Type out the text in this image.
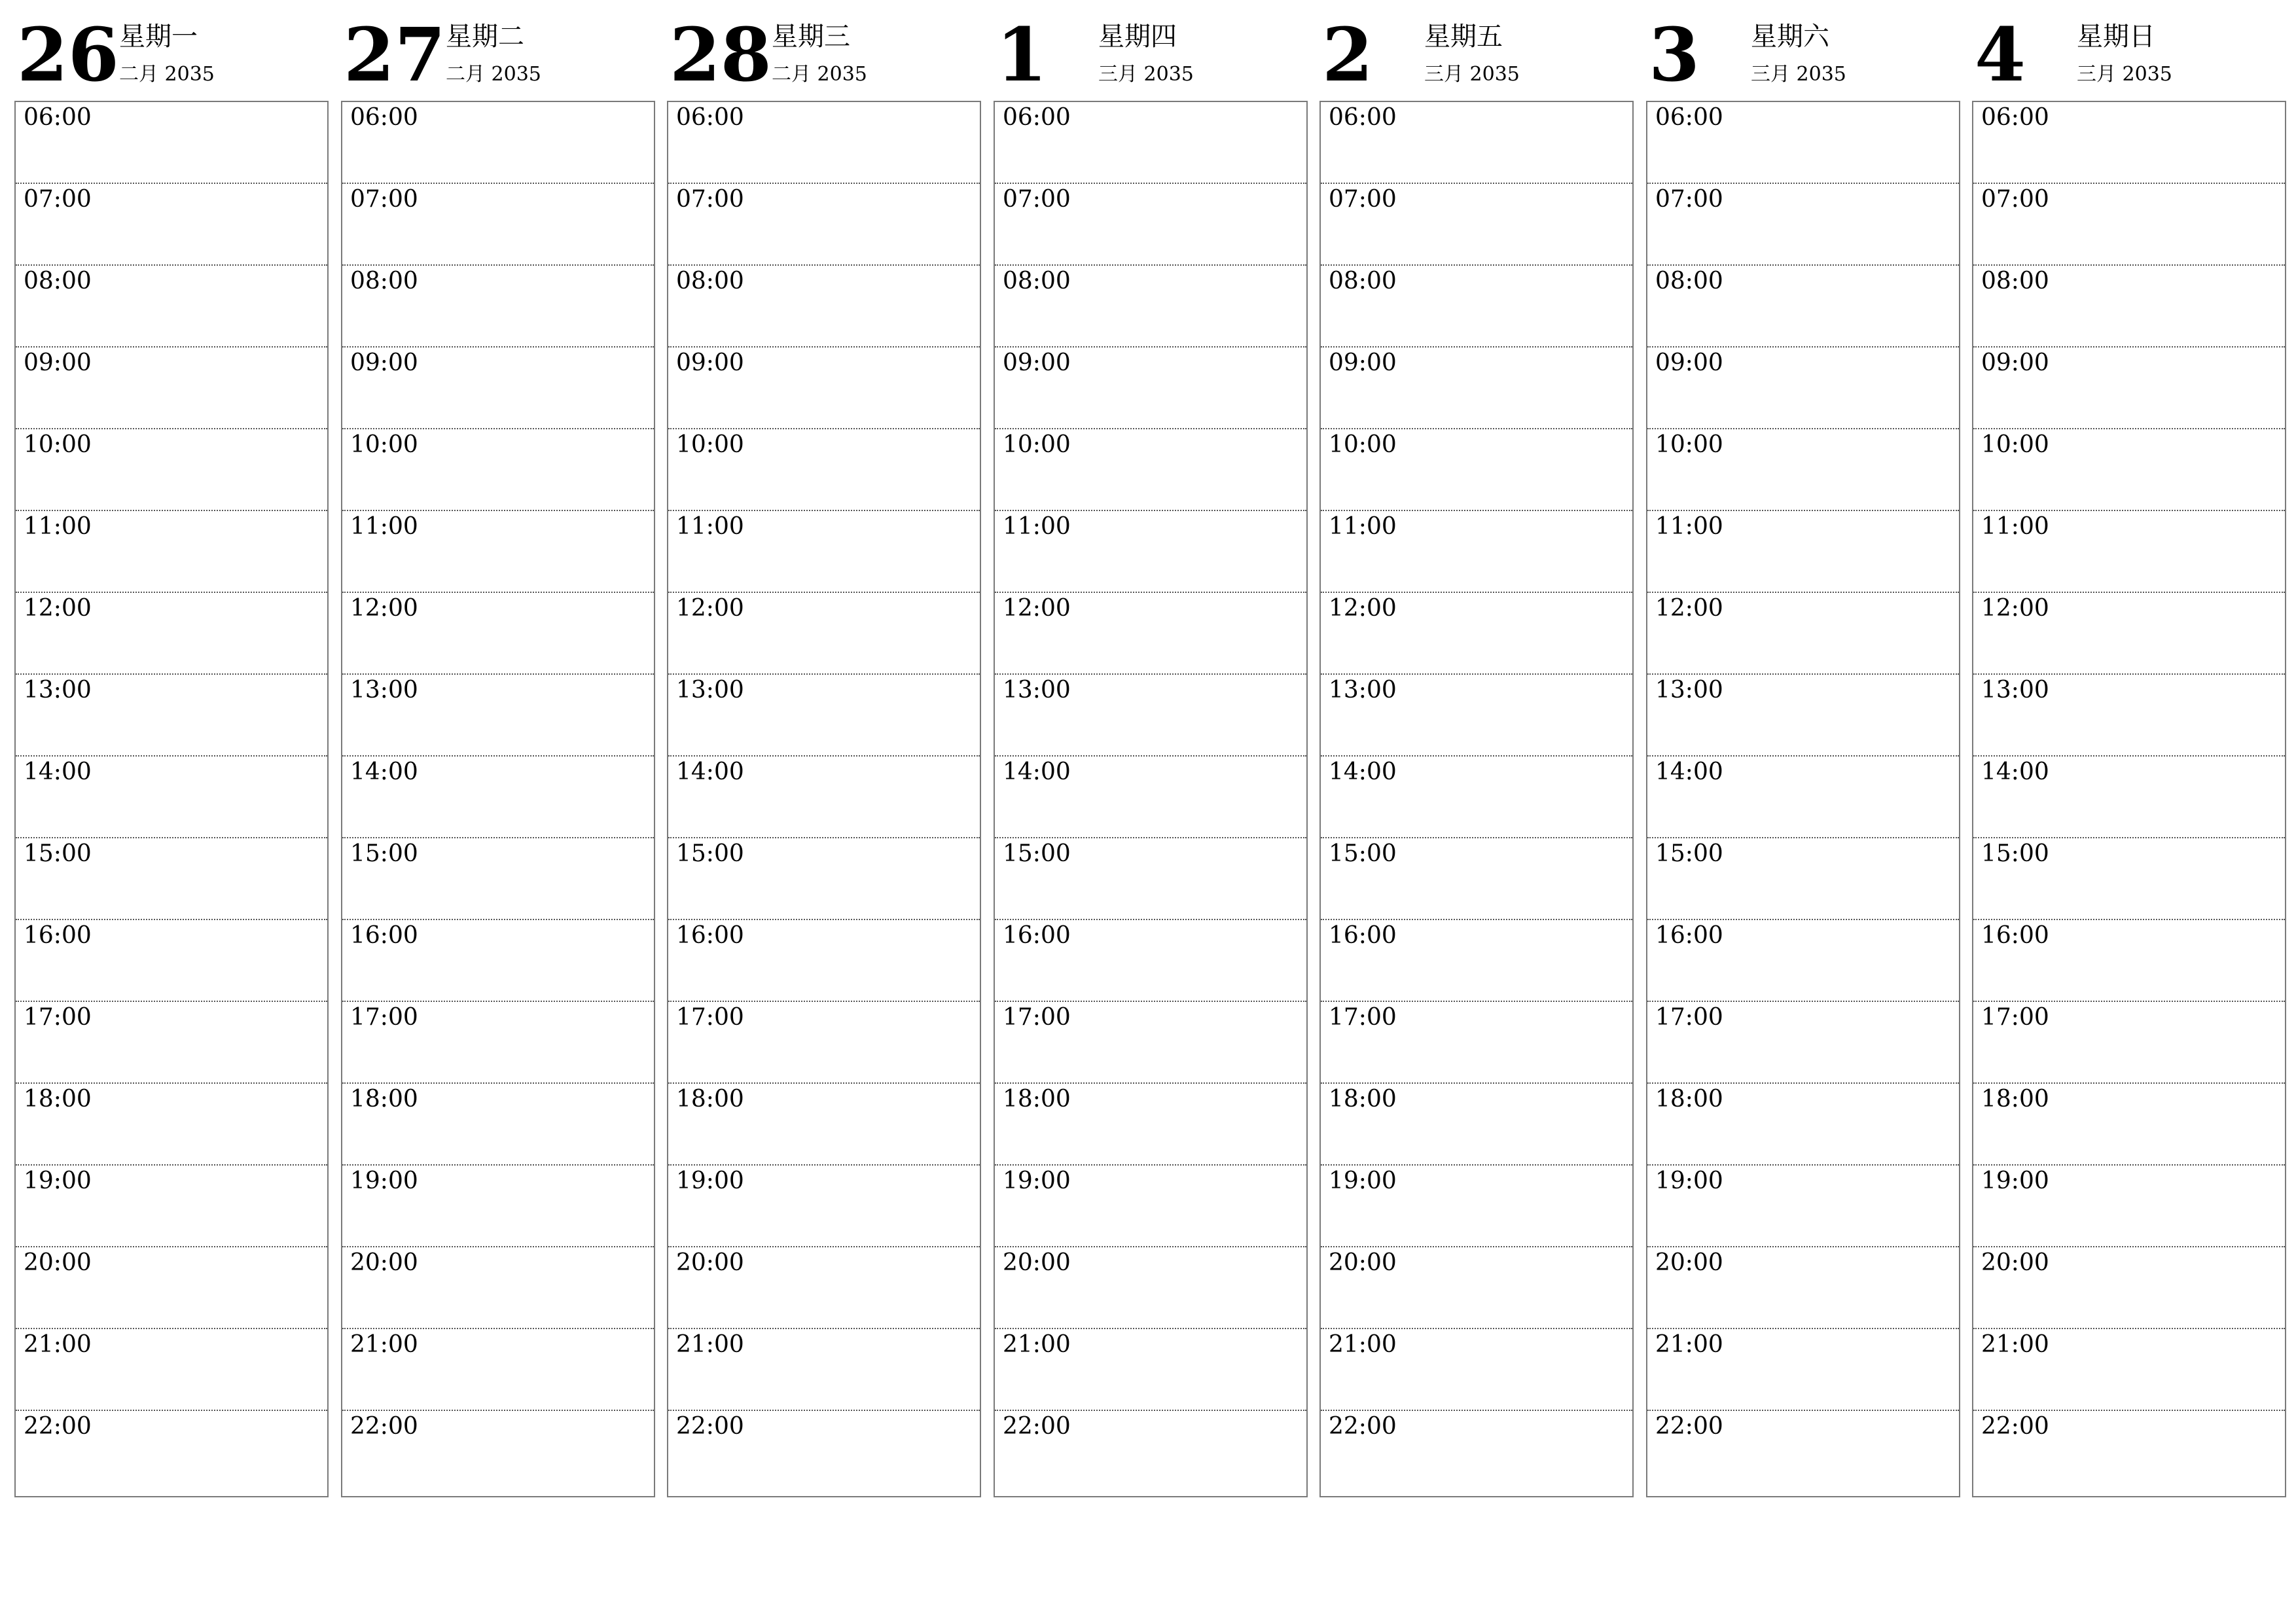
26 星期一
二月 2035
06:00
07:00
08:00
09:00
10:00
11:00
12:00
13:00
14:00
15:00
16:00
17:00
18:00
19:00
20:00
21:00
22:00
27 星期二
二月 2035
06:00
07:00
08:00
09:00
10:00
11:00
12:00
13:00
14:00
15:00
16:00
17:00
18:00
19:00
20:00
21:00
22:00
28 星期三
二月 2035
06:00
07:00
08:00
09:00
10:00
11:00
12:00
13:00
14:00
15:00
16:00
17:00
18:00
19:00
20:00
21:00
22:00
1 星期四
三月 2035
06:00
07:00
08:00
09:00
10:00
11:00
12:00
13:00
14:00
15:00
16:00
17:00
18:00
19:00
20:00
21:00
22:00
2 星期五
三月 2035
06:00
07:00
08:00
09:00
10:00
11:00
12:00
13:00
14:00
15:00
16:00
17:00
18:00
19:00
20:00
21:00
22:00
3 星期六
三月 2035
06:00
07:00
08:00
09:00
10:00
11:00
12:00
13:00
14:00
15:00
16:00
17:00
18:00
19:00
20:00
21:00
22:00
4 星期日
三月 2035
06:00
07:00
08:00
09:00
10:00
11:00
12:00
13:00
14:00
15:00
16:00
17:00
18:00
19:00
20:00
21:00
22:00
